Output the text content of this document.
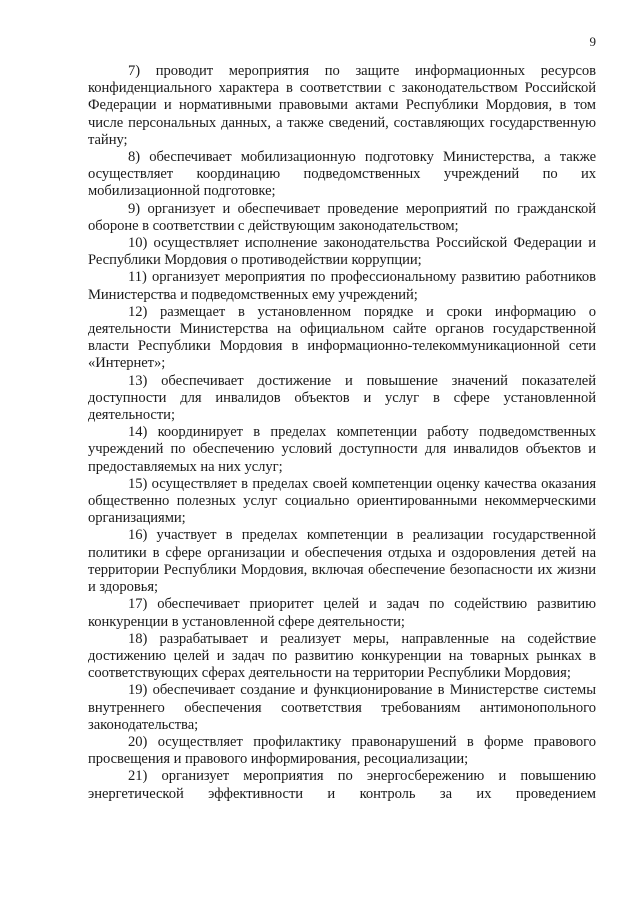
9

7) проводит мероприятия по защите информационных ресурсов конфиденциального характера в соответствии с законодательством Российской Федерации и нормативными правовыми актами Республики Мордовия, в том числе персональных данных, а также сведений, составляющих государственную тайну;

8) обеспечивает мобилизационную подготовку Министерства, а также осуществляет координацию подведомственных учреждений по их мобилизационной подготовке;

9) организует и обеспечивает проведение мероприятий по гражданской обороне в соответствии с действующим законодательством;

10) осуществляет исполнение законодательства Российской Федерации и Республики Мордовия о противодействии коррупции;

11) организует мероприятия по профессиональному развитию работников Министерства и подведомственных ему учреждений;

12) размещает в установленном порядке и сроки информацию о деятельности Министерства на официальном сайте органов государственной власти Республики Мордовия в информационно-телекоммуникационной сети «Интернет»;

13) обеспечивает достижение и повышение значений показателей доступности для инвалидов объектов и услуг в сфере установленной деятельности;

14) координирует в пределах компетенции работу подведомственных учреждений по обеспечению условий доступности для инвалидов объектов и предоставляемых на них услуг;

15) осуществляет в пределах своей компетенции оценку качества оказания общественно полезных услуг социально ориентированными некоммерческими организациями;

16) участвует в пределах компетенции в реализации государственной политики в сфере организации и обеспечения отдыха и оздоровления детей на территории Республики Мордовия, включая обеспечение безопасности их жизни и здоровья;

17) обеспечивает приоритет целей и задач по содействию развитию конкуренции в установленной сфере деятельности;

18) разрабатывает и реализует меры, направленные на содействие достижению целей и задач по развитию конкуренции на товарных рынках в соответствующих сферах деятельности на территории Республики Мордовия;

19) обеспечивает создание и функционирование в Министерстве системы внутреннего обеспечения соответствия требованиям антимонопольного законодательства;

20) осуществляет профилактику правонарушений в форме правового просвещения и правового информирования, ресоциализации;

21) организует мероприятия по энергосбережению и повышению энергетической эффективности и контроль за их проведением
